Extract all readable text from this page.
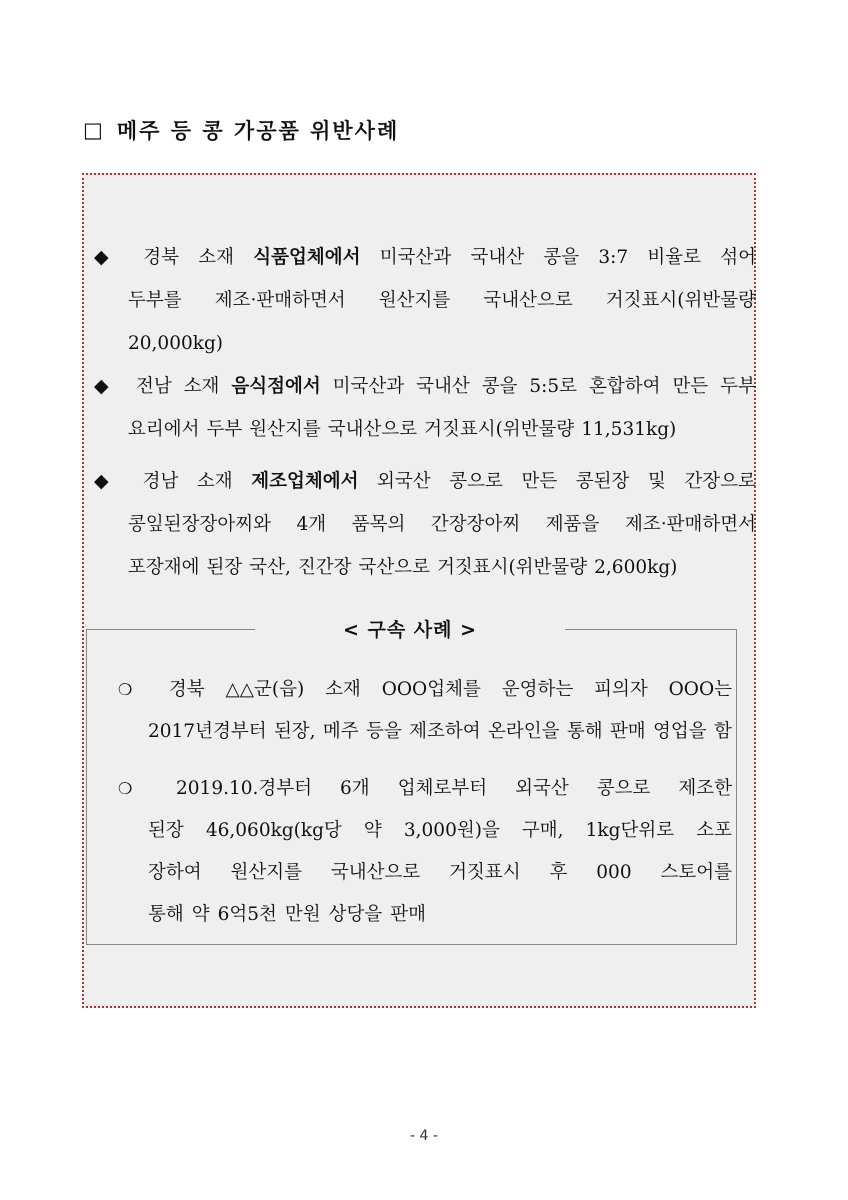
□ 메주 등 콩 가공품 위반사례
◆	경북 소재 식품업체에서 미국산과 국내산 콩을 3:7 비율로 섞어
두부를 제조·판매하면서 원산지를 국내산으로 거짓표시(위반물량
20,000kg)
◆	전남 소재 음식점에서 미국산과 국내산 콩을 5:5로 혼합하여 만든 두부
요리에서 두부 원산지를 국내산으로 거짓표시(위반물량 11,531kg)
◆	경남 소재 제조업체에서 외국산 콩으로 만든 콩된장 및 간장으로
콩잎된장장아찌와 4개 품목의 간장장아찌 제품을 제조·판매하면서
포장재에 된장 국산, 진간장 국산으로 거짓표시(위반물량 2,600kg)
< 구속 사례 >
❍	경북 △△군(읍) 소재 OOO업체를 운영하는 피의자 OOO는
2017년경부터 된장, 메주 등을 제조하여 온라인을 통해 판매 영업을 함
❍	2019.10.경부터 6개 업체로부터 외국산 콩으로 제조한
된장 46,060kg(kg당 약 3,000원)을 구매, 1kg단위로 소포
장하여 원산지를 국내산으로 거짓표시 후 000 스토어를
통해 약 6억5천 만원 상당을 판매
- 4 -
